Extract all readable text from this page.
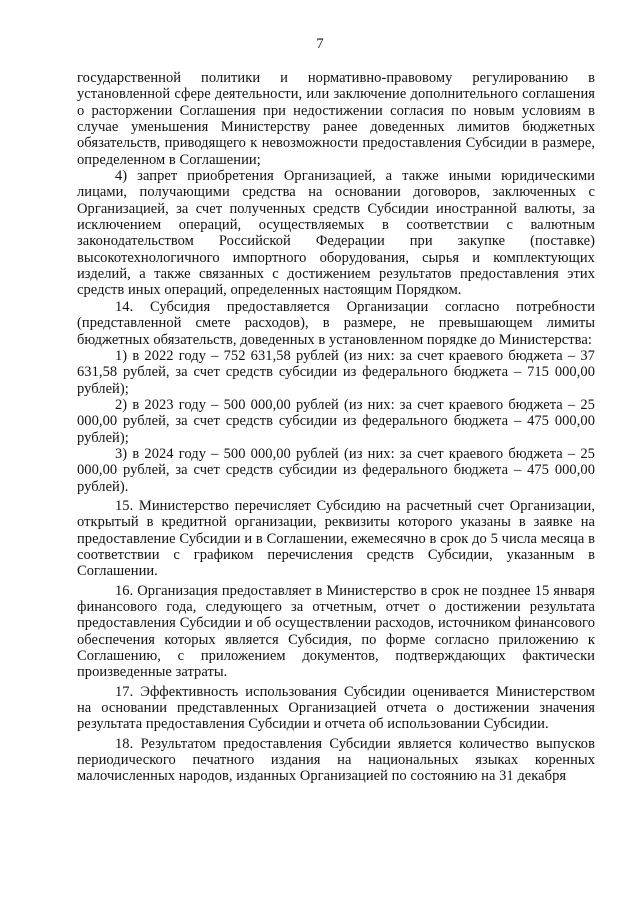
7

государственной политики и нормативно-правовому регулированию в установленной сфере деятельности, или заключение дополнительного соглашения о расторжении Соглашения при недостижении согласия по новым условиям в случае уменьшения Министерству ранее доведенных лимитов бюджетных обязательств, приводящего к невозможности предоставления Субсидии в размере, определенном в Соглашении;

4) запрет приобретения Организацией, а также иными юридическими лицами, получающими средства на основании договоров, заключенных с Организацией, за счет полученных средств Субсидии иностранной валюты, за исключением операций, осуществляемых в соответствии с валютным законодательством Российской Федерации при закупке (поставке) высокотехнологичного импортного оборудования, сырья и комплектующих изделий, а также связанных с достижением результатов предоставления этих средств иных операций, определенных настоящим Порядком.

14. Субсидия предоставляется Организации согласно потребности (представленной смете расходов), в размере, не превышающем лимиты бюджетных обязательств, доведенных в установленном порядке до Министерства:

1) в 2022 году – 752 631,58 рублей (из них: за счет краевого бюджета – 37 631,58 рублей, за счет средств субсидии из федерального бюджета – 715 000,00 рублей);

2) в 2023 году – 500 000,00 рублей (из них: за счет краевого бюджета – 25 000,00 рублей, за счет средств субсидии из федерального бюджета – 475 000,00 рублей);

3) в 2024 году – 500 000,00 рублей (из них: за счет краевого бюджета – 25 000,00 рублей, за счет средств субсидии из федерального бюджета – 475 000,00 рублей).

15. Министерство перечисляет Субсидию на расчетный счет Организации, открытый в кредитной организации, реквизиты которого указаны в заявке на предоставление Субсидии и в Соглашении, ежемесячно в срок до 5 числа месяца в соответствии с графиком перечисления средств Субсидии, указанным в Соглашении.

16. Организация предоставляет в Министерство в срок не позднее 15 января финансового года, следующего за отчетным, отчет о достижении результата предоставления Субсидии и об осуществлении расходов, источником финансового обеспечения которых является Субсидия, по форме согласно приложению к Соглашению, с приложением документов, подтверждающих фактически произведенные затраты.

17. Эффективность использования Субсидии оценивается Министерством на основании представленных Организацией отчета о достижении значения результата предоставления Субсидии и отчета об использовании Субсидии.

18. Результатом предоставления Субсидии является количество выпусков периодического печатного издания на национальных языках коренных малочисленных народов, изданных Организацией по состоянию на 31 декабря
